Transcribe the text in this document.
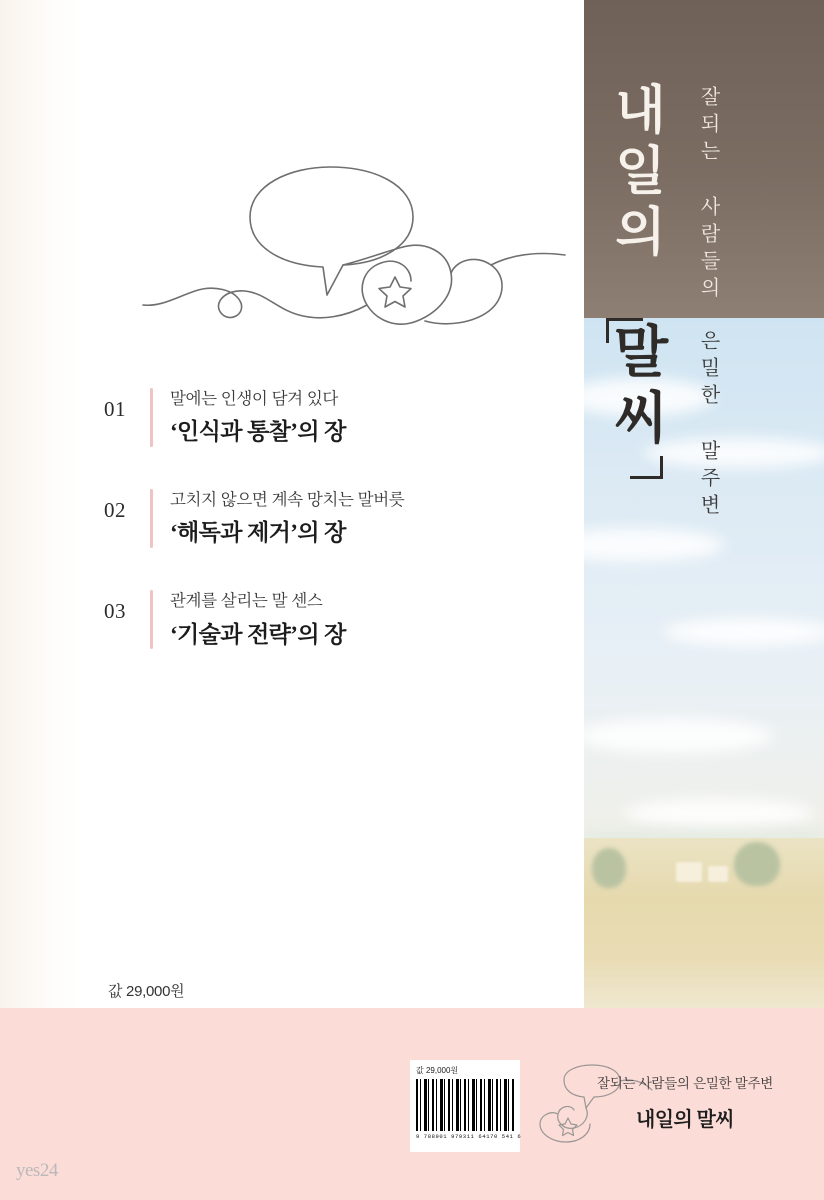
01	말에는 인생이 담겨 있다
‘인식과 통찰’의 장
02	고치지 않으면 계속 망치는 말버릇
‘해독과 제거’의 장
03	관계를 살리는 말 센스
‘기술과 전략’의 장
값 29,000원
내일의
말씨
잘되는 사람들의
은밀한 말주변
값 29,000원
9 788901 979311 64170 541 6
잘되는 사람들의 은밀한 말주변
내일의 말씨
yes24
